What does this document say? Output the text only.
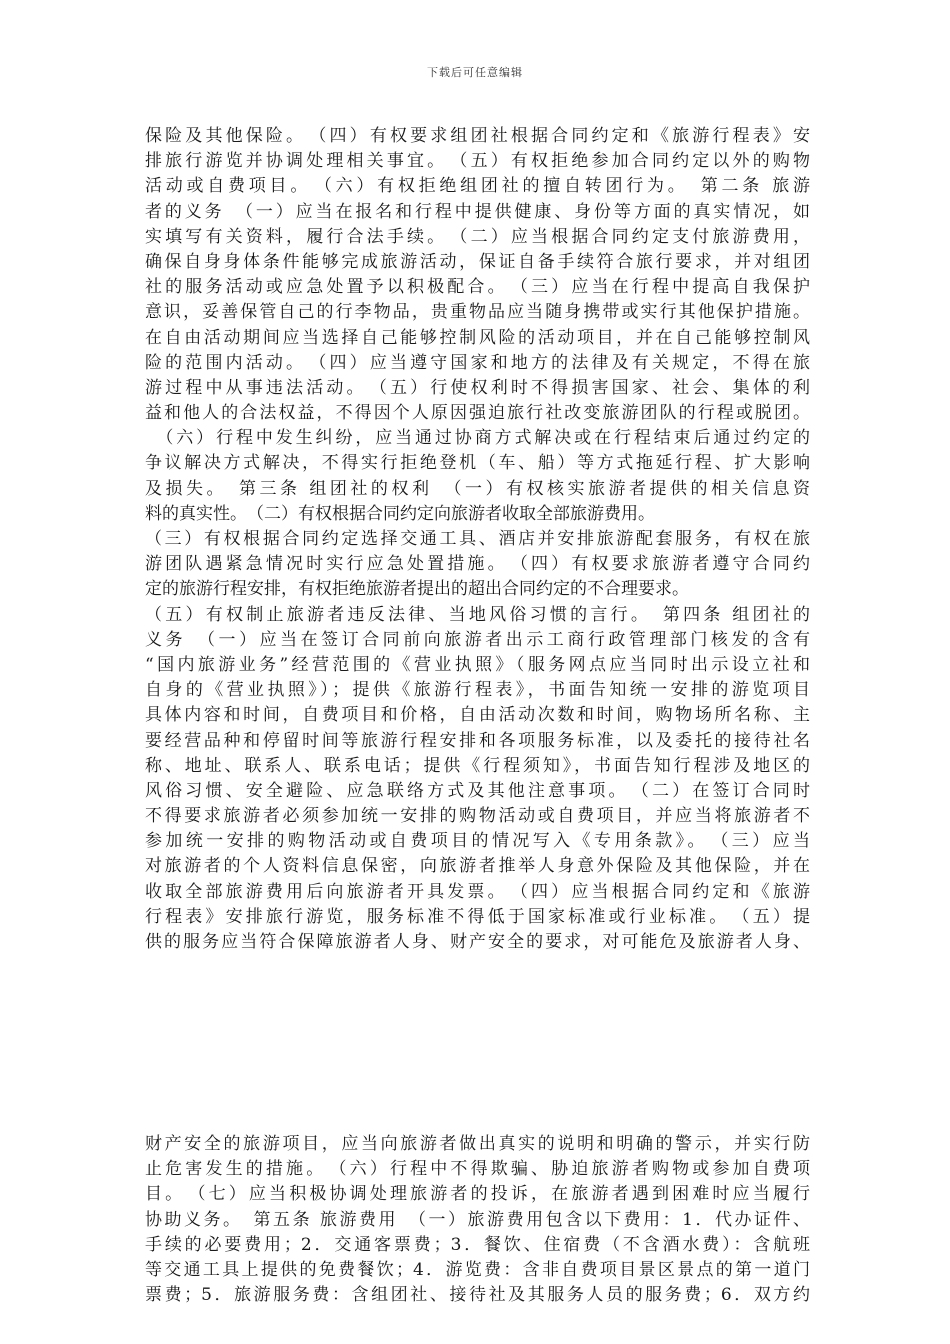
下载后可任意编辑
保险及其他保险。　（四）有权要求组团社根据合同约定和《旅游行程表》安
排旅行游览并协调处理相关事宜。　（五）有权拒绝参加合同约定以外的购物
活动或自费项目。　（六）有权拒绝组团社的擅自转团行为。　第二条 旅游
者的义务　（一）应当在报名和行程中提供健康、身份等方面的真实情况，如
实填写有关资料，履行合法手续。　（二）应当根据合同约定支付旅游费用，
确保自身身体条件能够完成旅游活动，保证自备手续符合旅行要求，并对组团
社的服务活动或应急处置予以积极配合。　（三）应当在行程中提高自我保护
意识，妥善保管自己的行李物品，贵重物品应当随身携带或实行其他保护措施。
在自由活动期间应当选择自己能够控制风险的活动项目，并在自己能够控制风
险的范围内活动。　（四）应当遵守国家和地方的法律及有关规定，不得在旅
游过程中从事违法活动。　（五）行使权利时不得损害国家、社会、集体的利
益和他人的合法权益，不得因个人原因强迫旅行社改变旅游团队的行程或脱团。
　（六）行程中发生纠纷，应当通过协商方式解决或在行程结束后通过约定的
争议解决方式解决，不得实行拒绝登机（车、船）等方式拖延行程、扩大影响
及损失。　第三条 组团社的权利　（一）有权核实旅游者提供的相关信息资
料的真实性。　（二）有权根据合同约定向旅游者收取全部旅游费用。
（三）有权根据合同约定选择交通工具、酒店并安排旅游配套服务，有权在旅
游团队遇紧急情况时实行应急处置措施。　（四）有权要求旅游者遵守合同约
定的旅游行程安排，有权拒绝旅游者提出的超出合同约定的不合理要求。
（五）有权制止旅游者违反法律、当地风俗习惯的言行。　第四条 组团社的
义务　（一）应当在签订合同前向旅游者出示工商行政管理部门核发的含有
“国内旅游业务”经营范围的《营业执照》（服务网点应当同时出示设立社和
自身的《营业执照》）；提供《旅游行程表》，书面告知统一安排的游览项目
具体内容和时间，自费项目和价格，自由活动次数和时间，购物场所名称、主
要经营品种和停留时间等旅游行程安排和各项服务标准，以及委托的接待社名
称、地址、联系人、联系电话；提供《行程须知》，书面告知行程涉及地区的
风俗习惯、安全避险、应急联络方式及其他注意事项。　（二）在签订合同时
不得要求旅游者必须参加统一安排的购物活动或自费项目，并应当将旅游者不
参加统一安排的购物活动或自费项目的情况写入《专用条款》。　（三）应当
对旅游者的个人资料信息保密，向旅游者推举人身意外保险及其他保险，并在
收取全部旅游费用后向旅游者开具发票。　（四）应当根据合同约定和《旅游
行程表》安排旅行游览，服务标准不得低于国家标准或行业标准。　（五）提
供的服务应当符合保障旅游者人身、财产安全的要求，对可能危及旅游者人身、
财产安全的旅游项目，应当向旅游者做出真实的说明和明确的警示，并实行防
止危害发生的措施。　（六）行程中不得欺骗、胁迫旅游者购物或参加自费项
目。　（七）应当积极协调处理旅游者的投诉，在旅游者遇到困难时应当履行
协助义务。　第五条 旅游费用　（一）旅游费用包含以下费用：1．代办证件、
手续的必要费用；2．交通客票费；3．餐饮、住宿费（不含酒水费）：含航班
等交通工具上提供的免费餐饮；4．游览费：含非自费项目景区景点的第一道门
票费；5．旅游服务费：含组团社、接待社及其服务人员的服务费；6．双方约
